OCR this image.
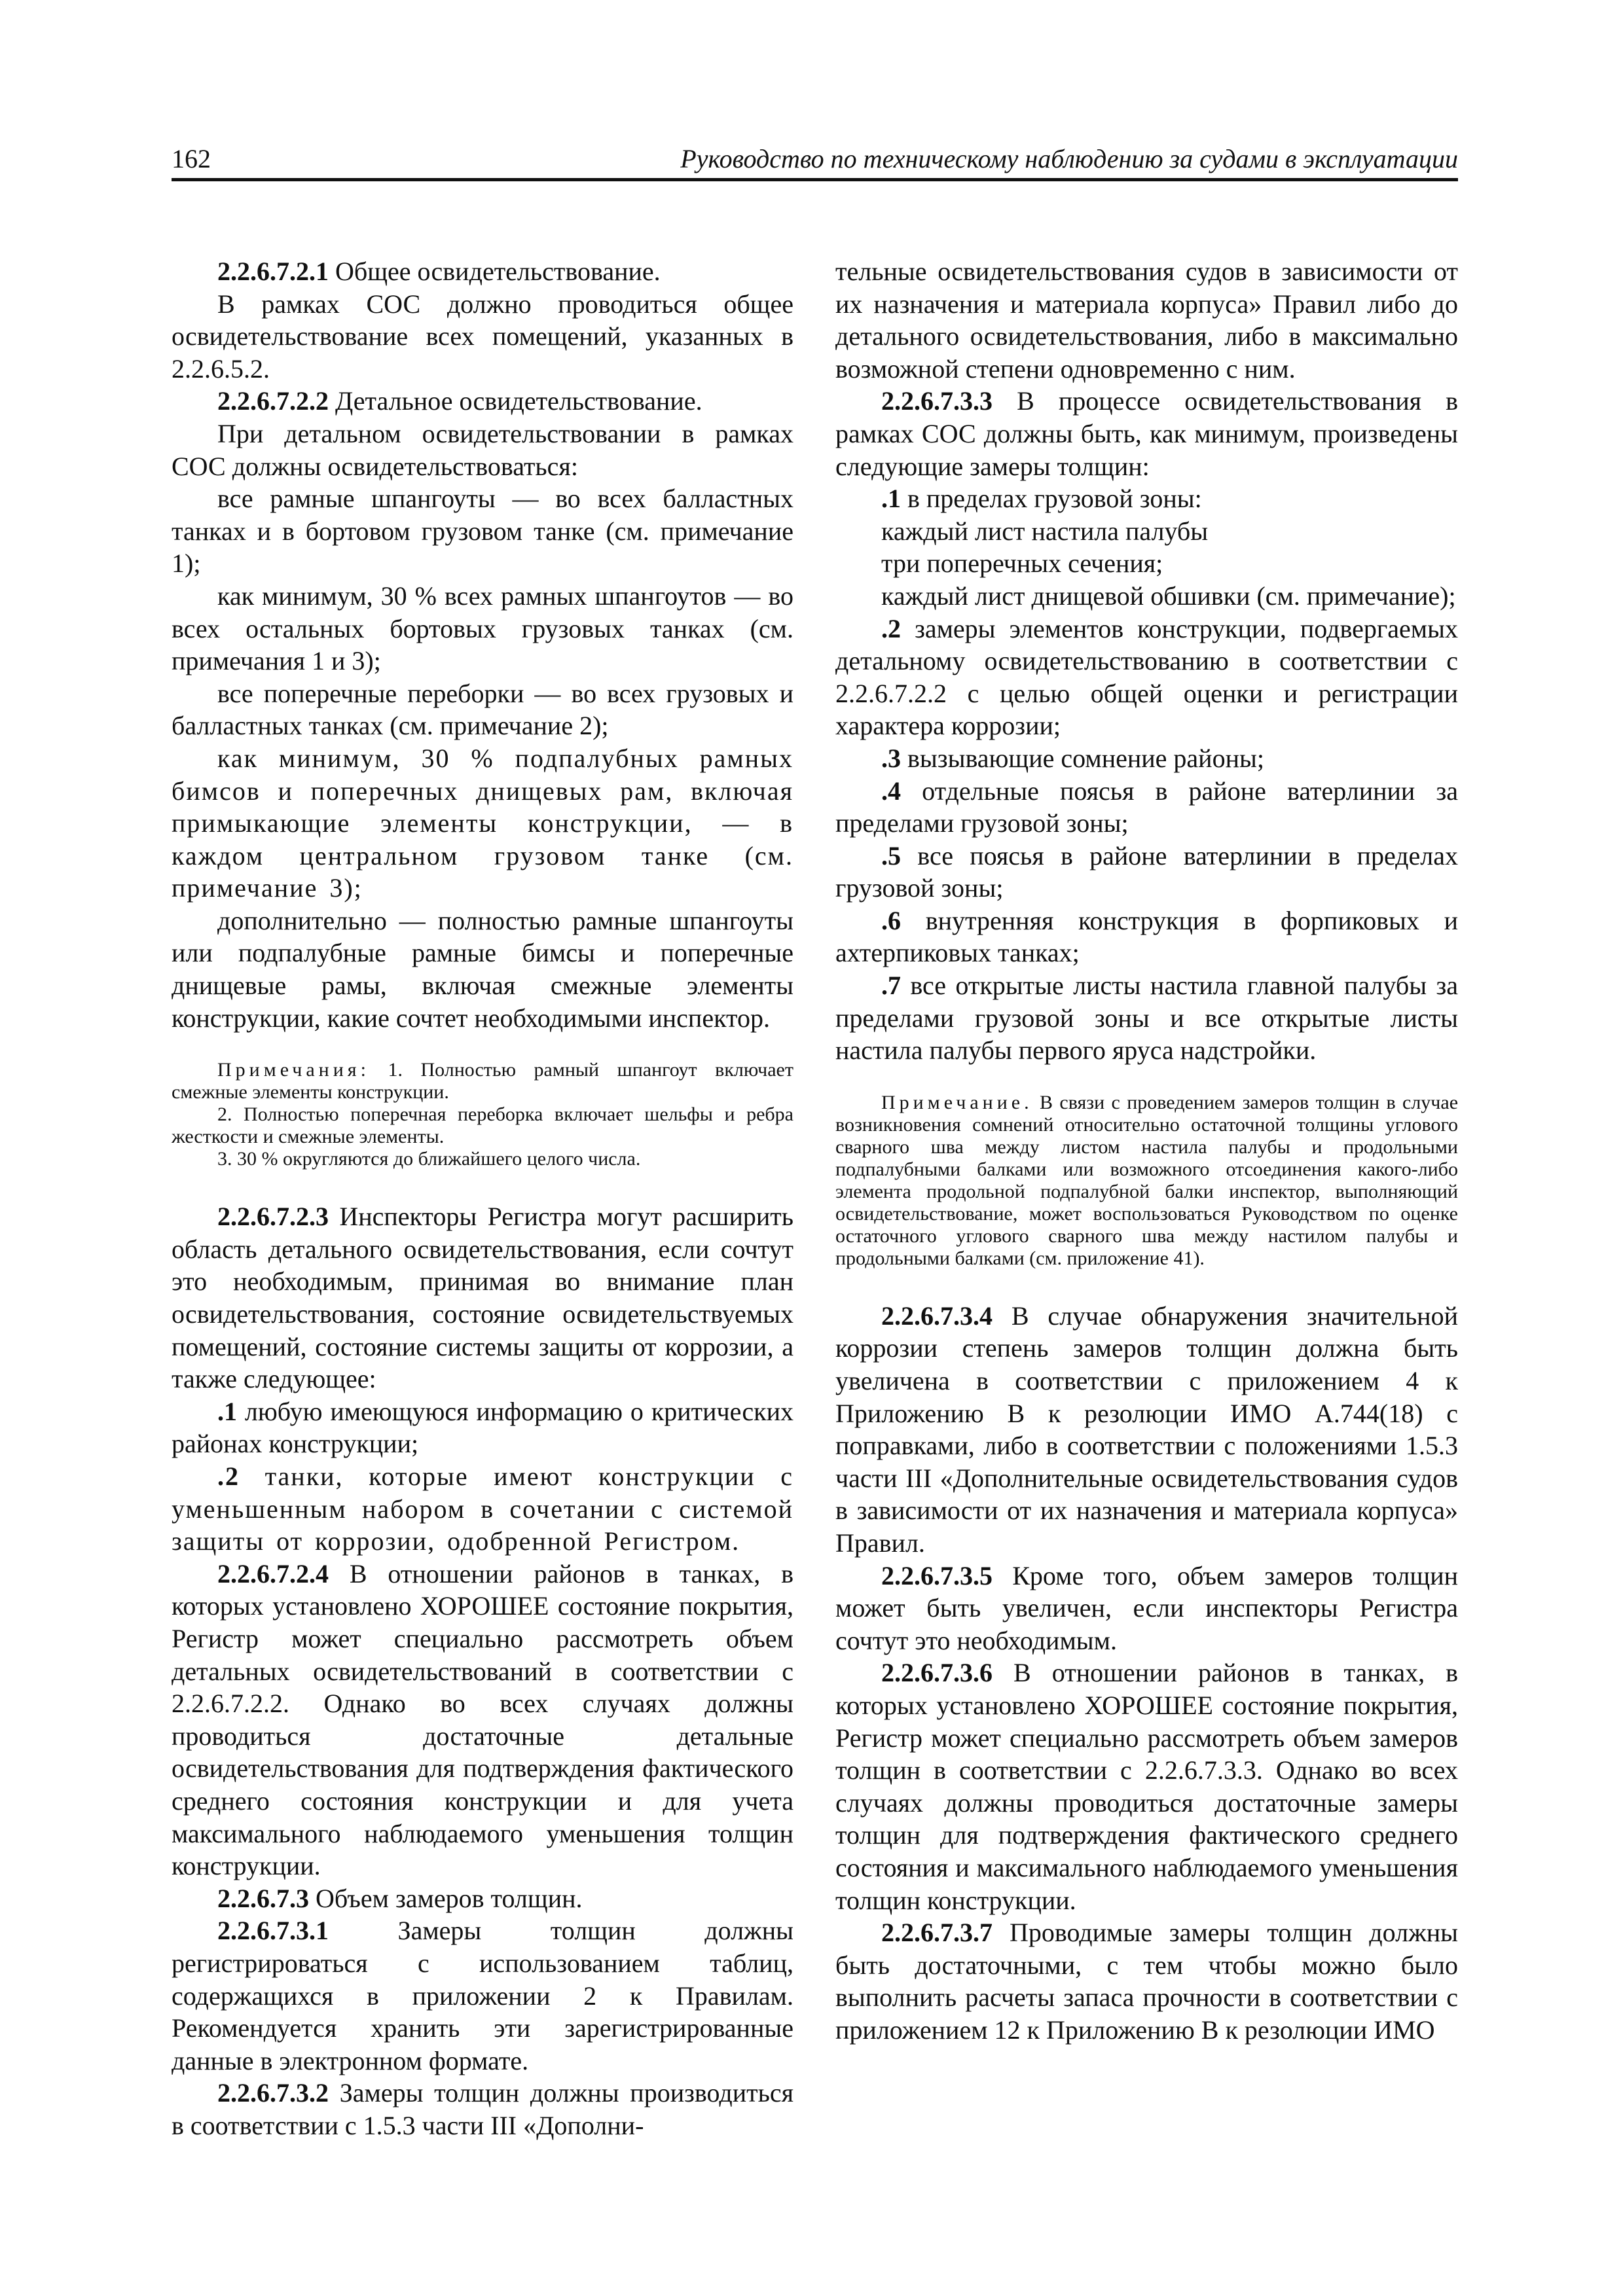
162	Руководство по техническому наблюдению за судами в эксплуатации

2.2.6.7.2.1 Общее освидетельствование.

В рамках СОС должно проводиться общее освидетельствование всех помещений, указанных в 2.2.6.5.2.

2.2.6.7.2.2 Детальное освидетельствование.

При детальном освидетельствовании в рамках СОС должны освидетельствоваться:

все рамные шпангоуты — во всех балластных танках и в бортовом грузовом танке (см. примечание 1);

как минимум, 30 % всех рамных шпангоутов — во всех остальных бортовых грузовых танках (см. примечания 1 и 3);

все поперечные переборки — во всех грузовых и балластных танках (см. примечание 2);

как минимум, 30 % подпалубных рамных бимсов и поперечных днищевых рам, включая примыкающие элементы конструкции, — в каждом центральном грузовом танке (см. примечание 3);

дополнительно — полностью рамные шпангоуты или подпалубные рамные бимсы и поперечные днищевые рамы, включая смежные элементы конструкции, какие сочтет необходимыми инспектор.

Примечания: 1. Полностью рамный шпангоут включает смежные элементы конструкции.

2. Полностью поперечная переборка включает шельфы и ребра жесткости и смежные элементы.

3. 30 % округляются до ближайшего целого числа.

2.2.6.7.2.3 Инспекторы Регистра могут расширить область детального освидетельствования, если сочтут это необходимым, принимая во внимание план освидетельствования, состояние освидетельствуемых помещений, состояние системы защиты от коррозии, а также следующее:

.1 любую имеющуюся информацию о критических районах конструкции;

.2 танки, которые имеют конструкции с уменьшенным набором в сочетании с системой защиты от коррозии, одобренной Регистром.

2.2.6.7.2.4 В отношении районов в танках, в которых установлено ХОРОШЕЕ состояние покрытия, Регистр может специально рассмотреть объем детальных освидетельствований в соответствии с 2.2.6.7.2.2. Однако во всех случаях должны проводиться достаточные детальные освидетельствования для подтверждения фактического среднего состояния конструкции и для учета максимального наблюдаемого уменьшения толщин конструкции.

2.2.6.7.3 Объем замеров толщин.

2.2.6.7.3.1	Замеры толщин должны регистрироваться с использованием таблиц, содержащихся в приложении 2 к Правилам. Рекомендуется хранить эти зарегистрированные данные в электронном формате.

2.2.6.7.3.2 Замеры толщин должны производиться в соответствии с 1.5.3 части III «Дополни-

тельные освидетельствования судов в зависимости от их назначения и материала корпуса» Правил либо до детального освидетельствования, либо в максимально возможной степени одновременно с ним.

2.2.6.7.3.3 В процессе освидетельствования в рамках СОС должны быть, как минимум, произведены следующие замеры толщин:

.1 в пределах грузовой зоны:

каждый лист настила палубы

три поперечных сечения;

каждый лист днищевой обшивки (см. примечание);

.2 замеры элементов конструкции, подвергаемых детальному освидетельствованию в соответствии с 2.2.6.7.2.2 с целью общей оценки и регистрации характера коррозии;

.3 вызывающие сомнение районы;

.4 отдельные поясья в районе ватерлинии за пределами грузовой зоны;

.5 все поясья в районе ватерлинии в пределах грузовой зоны;

.6 внутренняя конструкция в форпиковых и ахтерпиковых танках;

.7 все открытые листы настила главной палубы за пределами грузовой зоны и все открытые листы настила палубы первого яруса надстройки.

Примечание. В связи с проведением замеров толщин в случае возникновения сомнений относительно остаточной толщины углового сварного шва между листом настила палубы и продольными подпалубными балками или возможного отсоединения какого-либо элемента продольной подпалубной балки инспектор, выполняющий освидетельствование, может воспользоваться Руководством по оценке остаточного углового сварного шва между настилом палубы и продольными балками (см. приложение 41).

2.2.6.7.3.4 В случае обнаружения значительной коррозии степень замеров толщин должна быть увеличена в соответствии с приложением 4 к Приложению B к резолюции ИМО А.744(18) с поправками, либо в соответствии с положениями 1.5.3 части III «Дополнительные освидетельствования судов в зависимости от их назначения и материала корпуса» Правил.

2.2.6.7.3.5 Кроме того, объем замеров толщин может быть увеличен, если инспекторы Регистра сочтут это необходимым.

2.2.6.7.3.6 В отношении районов в танках, в которых установлено ХОРОШЕЕ состояние покрытия, Регистр может специально рассмотреть объем замеров толщин в соответствии с 2.2.6.7.3.3. Однако во всех случаях должны проводиться достаточные замеры толщин для подтверждения фактического среднего состояния и максимального наблюдаемого уменьшения толщин конструкции.

2.2.6.7.3.7 Проводимые замеры толщин должны быть достаточными, с тем чтобы можно было выполнить расчеты запаса прочности в соответствии с приложением 12 к Приложению B к резолюции ИМО
